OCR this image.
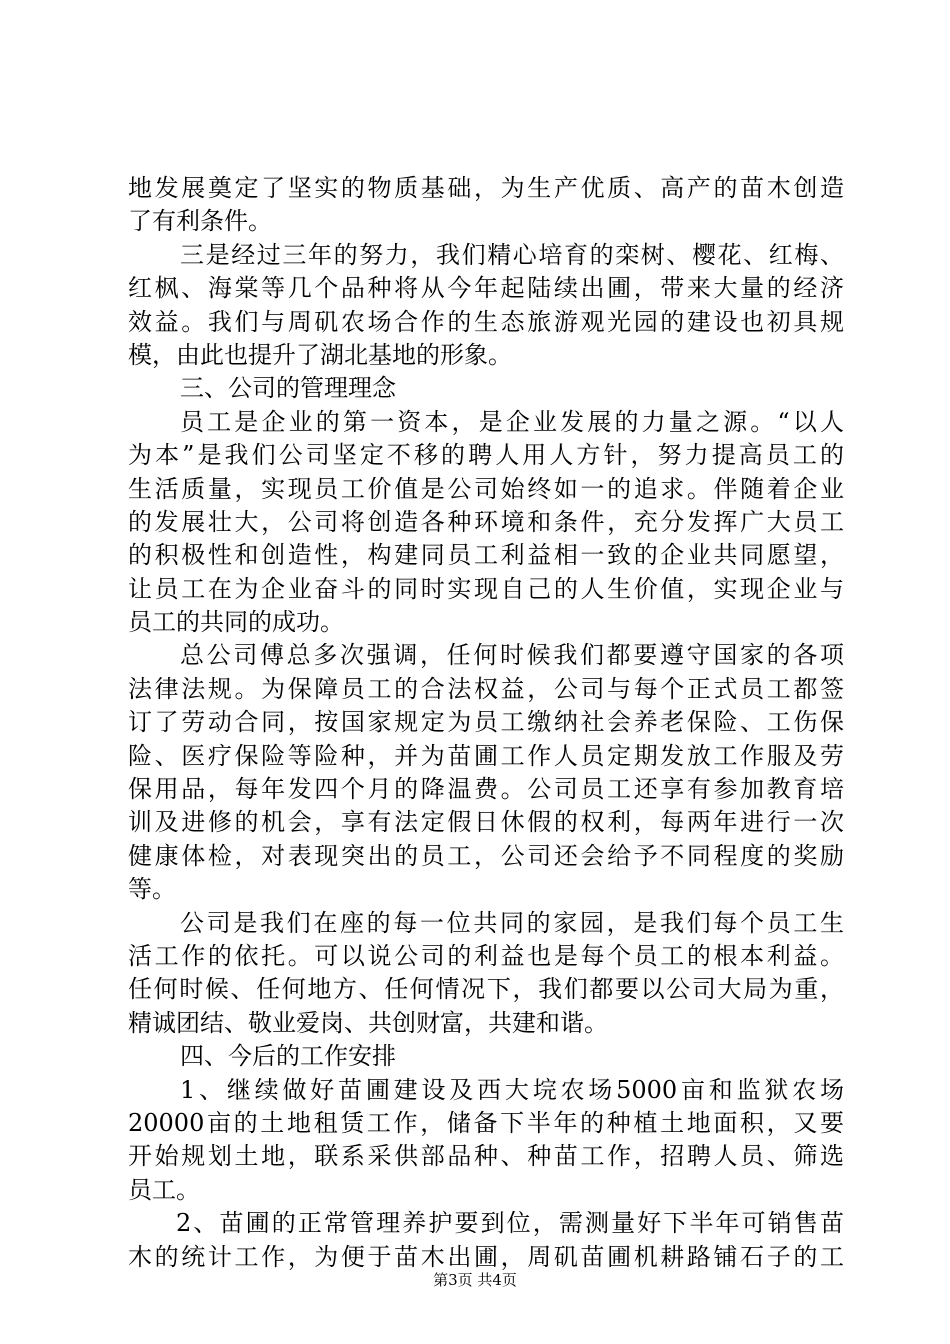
地发展奠定了坚实的物质基础，为生产优质、高产的苗木创造
了有利条件。
三是经过三年的努力，我们精心培育的栾树、樱花、红梅、
红枫、海棠等几个品种将从今年起陆续出圃，带来大量的经济
效益。我们与周矶农场合作的生态旅游观光园的建设也初具规
模，由此也提升了湖北基地的形象。
三、公司的管理理念
员工是企业的第一资本，是企业发展的力量之源。“以人
为本”是我们公司坚定不移的聘人用人方针，努力提高员工的
生活质量，实现员工价值是公司始终如一的追求。伴随着企业
的发展壮大，公司将创造各种环境和条件，充分发挥广大员工
的积极性和创造性，构建同员工利益相一致的企业共同愿望，
让员工在为企业奋斗的同时实现自己的人生价值，实现企业与
员工的共同的成功。
总公司傅总多次强调，任何时候我们都要遵守国家的各项
法律法规。为保障员工的合法权益，公司与每个正式员工都签
订了劳动合同，按国家规定为员工缴纳社会养老保险、工伤保
险、医疗保险等险种，并为苗圃工作人员定期发放工作服及劳
保用品，每年发四个月的降温费。公司员工还享有参加教育培
训及进修的机会，享有法定假日休假的权利，每两年进行一次
健康体检，对表现突出的员工，公司还会给予不同程度的奖励
等。
公司是我们在座的每一位共同的家园，是我们每个员工生
活工作的依托。可以说公司的利益也是每个员工的根本利益。
任何时候、任何地方、任何情况下，我们都要以公司大局为重，
精诚团结、敬业爱岗、共创财富，共建和谐。
四、今后的工作安排
1、继续做好苗圃建设及西大垸农场5000亩和监狱农场
20000亩的土地租赁工作，储备下半年的种植土地面积，又要
开始规划土地，联系采供部品种、种苗工作，招聘人员、筛选
员工。
2、苗圃的正常管理养护要到位，需测量好下半年可销售苗
木的统计工作，为便于苗木出圃，周矶苗圃机耕路铺石子的工
第3页 共4页
